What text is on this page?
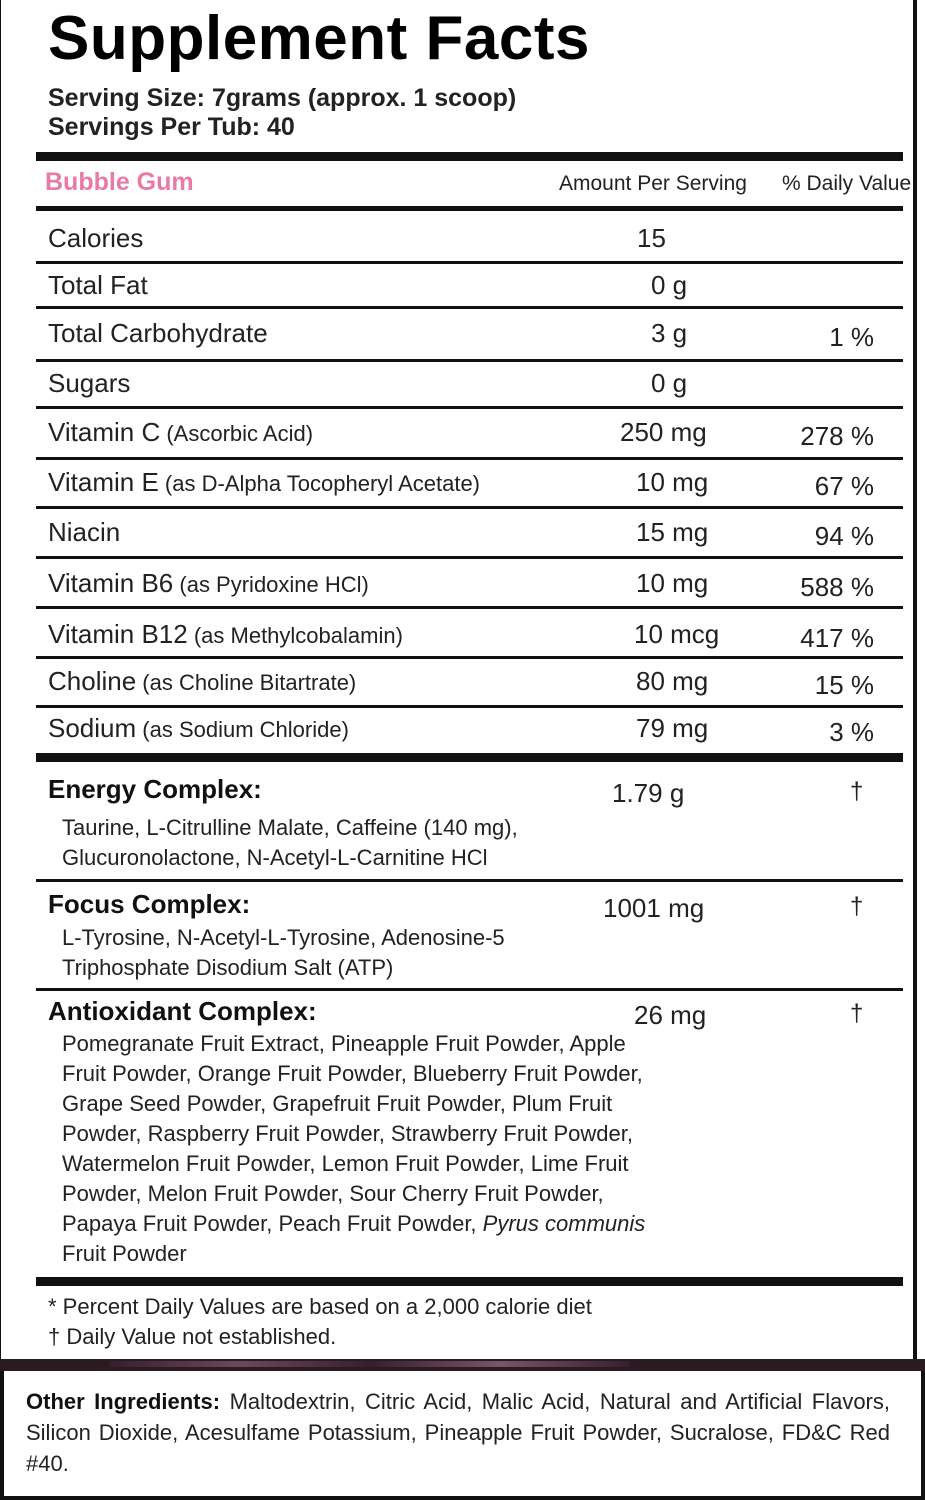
Supplement Facts
Serving Size: 7grams (approx. 1 scoop)
Servings Per Tub: 40
Bubble Gum	Amount Per Serving % Daily Value
Calories	15
Total Fat	0 g
Total Carbohydrate	3 g	1 %
Sugars	0 g
Vitamin C (Ascorbic Acid)	250 mg	278 %
Vitamin E (as D-Alpha Tocopheryl Acetate)	10 mg	67 %
Niacin	15 mg	94 %
Vitamin B6 (as Pyridoxine HCl)	10 mg	588 %
Vitamin B12 (as Methylcobalamin)	10 mcg	417 %
Choline (as Choline Bitartrate)	80 mg	15 %
Sodium (as Sodium Chloride)	79 mg	3 %
Energy Complex:	1.79 g	†
Taurine, L-Citrulline Malate, Caffeine (140 mg),
Glucuronolactone, N-Acetyl-L-Carnitine HCl
Focus Complex:	1001 mg	†
L-Tyrosine, N-Acetyl-L-Tyrosine, Adenosine-5
Triphosphate Disodium Salt (ATP)
Antioxidant Complex:	26 mg	†
Pomegranate Fruit Extract, Pineapple Fruit Powder, Apple
Fruit Powder, Orange Fruit Powder, Blueberry Fruit Powder,
Grape Seed Powder, Grapefruit Fruit Powder, Plum Fruit
Powder, Raspberry Fruit Powder, Strawberry Fruit Powder,
Watermelon Fruit Powder, Lemon Fruit Powder, Lime Fruit
Powder, Melon Fruit Powder, Sour Cherry Fruit Powder,
Papaya Fruit Powder, Peach Fruit Powder, Pyrus communis
Fruit Powder
* Percent Daily Values are based on a 2,000 calorie diet
† Daily Value not established.
Other Ingredients: Maltodextrin, Citric Acid, Malic Acid, Natural and Artificial Flavors, Silicon Dioxide, Acesulfame Potassium, Pineapple Fruit Powder, Sucralose, FD&C Red #40.
